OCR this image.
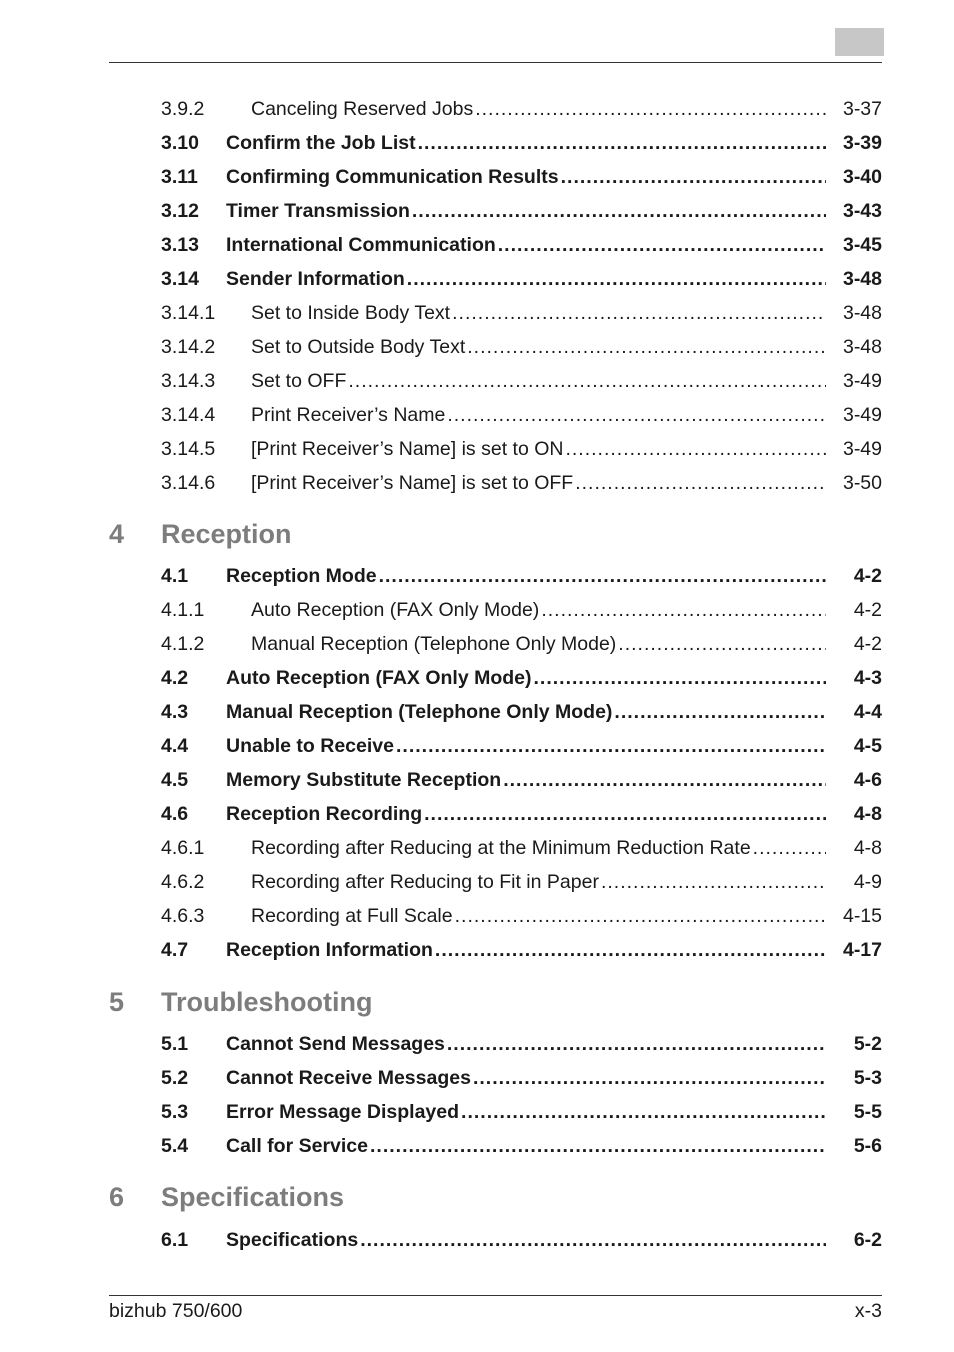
3.9.2 Canceling Reserved Jobs .....	3-37
3.10 Confirm the Job List .....	3-39
3.11 Confirming Communication Results .....	3-40
3.12 Timer Transmission .....	3-43
3.13 International Communication .....	3-45
3.14 Sender Information .....	3-48
3.14.1 Set to Inside Body Text .....	3-48
3.14.2 Set to Outside Body Text .....	3-48
3.14.3 Set to OFF .....	3-49
3.14.4 Print Receiver’s Name .....	3-49
3.14.5 [Print Receiver’s Name] is set to ON .....	3-49
3.14.6 [Print Receiver’s Name] is set to OFF .....	3-50
4 Reception
4.1 Reception Mode .....	4-2
4.1.1 Auto Reception (FAX Only Mode) .....	4-2
4.1.2 Manual Reception (Telephone Only Mode) .....	4-2
4.2 Auto Reception (FAX Only Mode) .....	4-3
4.3 Manual Reception (Telephone Only Mode) .....	4-4
4.4 Unable to Receive .....	4-5
4.5 Memory Substitute Reception .....	4-6
4.6 Reception Recording .....	4-8
4.6.1 Recording after Reducing at the Minimum Reduction Rate .....	4-8
4.6.2 Recording after Reducing to Fit in Paper .....	4-9
4.6.3 Recording at Full Scale .....	4-15
4.7 Reception Information .....	4-17
5 Troubleshooting
5.1 Cannot Send Messages .....	5-2
5.2 Cannot Receive Messages .....	5-3
5.3 Error Message Displayed .....	5-5
5.4 Call for Service .....	5-6
6 Specifications
6.1 Specifications .....	6-2
bizhub 750/600	x-3
